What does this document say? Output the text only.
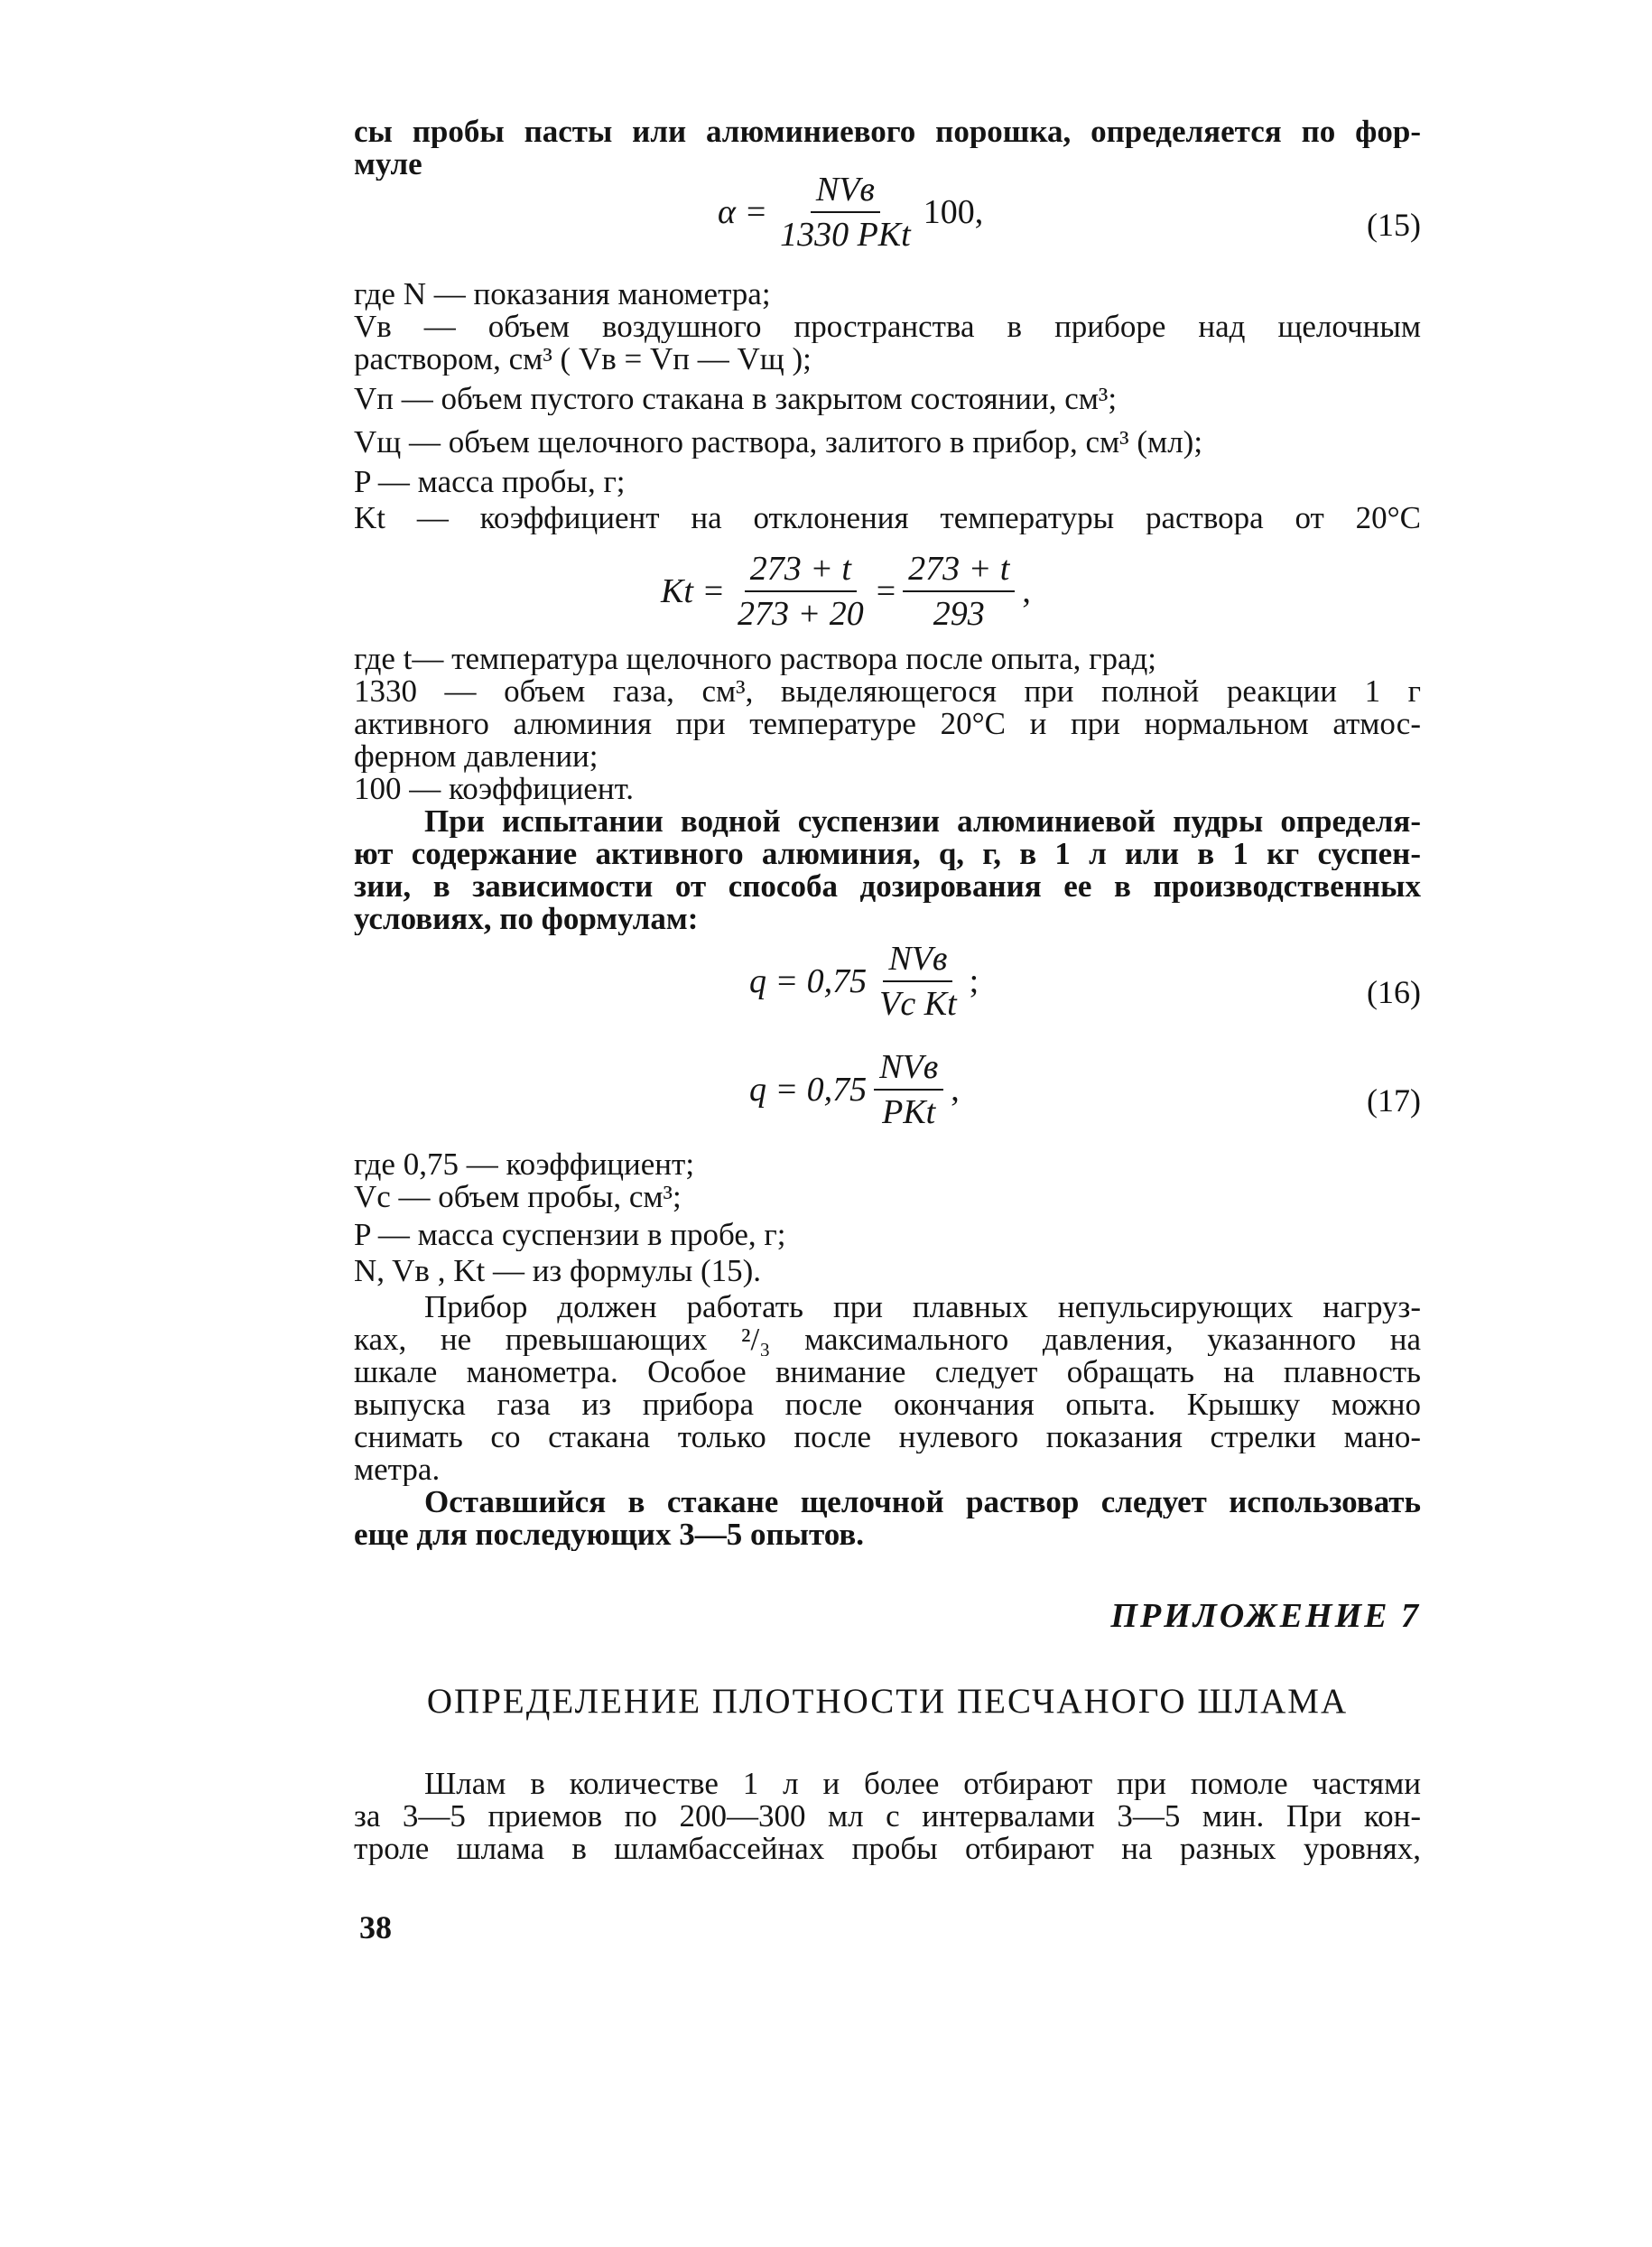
сы пробы пасты или алюминиевого порошка, определяется по фор-
муле
$\alpha = \frac{\text{NVв}}{\text{1330 PKt}} 100$,	(15)
где N — показания манометра;
Vв — объем воздушного пространства в приборе над щелочным
раствором, см³ ( Vв = Vп — Vщ );
Vп — объем пустого стакана в закрытом состоянии, см³;
Vщ — объем щелочного раствора, залитого в прибор, см³ (мл);
P — масса пробы, г;
Kt — коэффициент на отклонения температуры раствора от 20°С
$Kt = \frac{273 + t}{273 + 20} = \frac{273 + t}{293}$ ,
где t— температура щелочного раствора после опыта, град;
1330 — объем газа, см³, выделяющегося при полной реакции 1 г
активного алюминия при температуре 20°С и при нормальном атмос-
ферном давлении;
100 — коэффициент.
При испытании водной суспензии алюминиевой пудры определя-
ют содержание активного алюминия, q, г, в 1 л или в 1 кг суспен-
зии, в зависимости от способа дозирования ее в производственных
условиях, по формулам:
$q = 0,75 \frac{\text{NVв}}{\text{Vc Kt}}$ ;	(16)
$q = 0,75 \frac{\text{NVв}}{\text{PKt}}$ ,	(17)
где 0,75 — коэффициент;
Vc — объем пробы, см³;
P — масса суспензии в пробе, г;
N, Vв , Kt — из формулы (15).
Прибор должен работать при плавных непульсирующих нагруз-
ках, не превышающих ²/₃ максимального давления, указанного на
шкале манометра. Особое внимание следует обращать на плавность
выпуска газа из прибора после окончания опыта. Крышку можно
снимать со стакана только после нулевого показания стрелки мано-
метра.
Оставшийся в стакане щелочной раствор следует использовать
еще для последующих 3—5 опытов.
ПРИЛОЖЕНИЕ 7
ОПРЕДЕЛЕНИЕ ПЛОТНОСТИ ПЕСЧАНОГО ШЛАМА
Шлам в количестве 1 л и более отбирают при помоле частями
за 3—5 приемов по 200—300 мл с интервалами 3—5 мин. При кон-
троле шлама в шламбассейнах пробы отбирают на разных уровнях,
38
